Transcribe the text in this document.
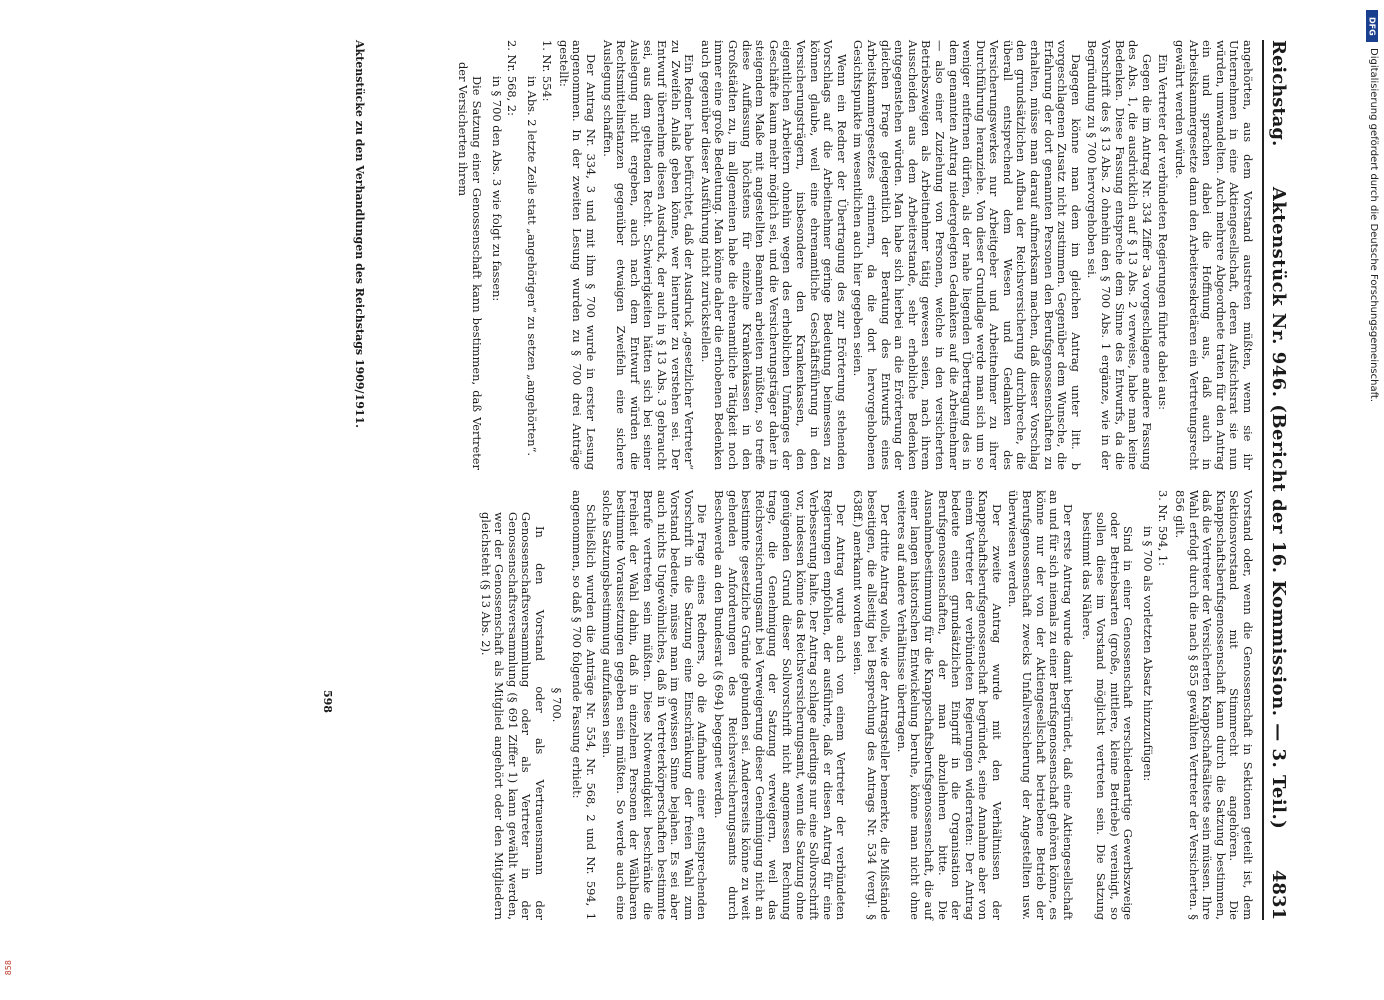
Reichstag.
Aktenstück Nr. 946. (Bericht der 16. Kommission. — 3. Teil.)
4831

angehörten, aus dem Vorstand austreten müßten, wenn sie ihr Unternehmen in eine Aktiengesellschaft, deren Aufsichtsrat sie nun würden, umwandelten. Auch mehrere Abgeordnete traten für den Antrag ein und sprachen dabei die Hoffnung aus, daß auch in Arbeitskammergesetze dann den Arbeitersekretären ein Vertretungsrecht gewährt werden würde.

Ein Vertreter der verbündeten Regierungen führte dabei aus:

Gegen die im Antrag Nr. 334 Ziffer 3a vorgeschlagene andere Fassung des Abs. 1, die ausdrücklich auf § 13 Abs. 2 verweise, habe man keine Bedenken. Diese Fassung entspreche dem Sinne des Entwurfs, da die Vorschrift des § 13 Abs. 2 ohnehin den § 700 Abs. 1 ergänze, wie in der Begründung zu § 700 hervorgehoben sei.

Dagegen könne man dem im gleichen Antrag unter litt. b vorgeschlagenen Zusatz nicht zustimmen. Gegenüber dem Wunsche, die Erfahrung der dort genannten Personen den Berufsgenossenschaften zu erhalten, müsse man darauf aufmerksam machen, daß dieser Vorschlag den grundsätzlichen Aufbau der Reichsversicherung durchbreche, die überall entsprechend dem Wesen und Gedanken des Versicherungswerkes nur Arbeitgeber und Arbeitnehmer zu ihrer Durchführung heranziehe. Von dieser Grundlage werde man sich um so weniger entfernen dürfen, als der nahe liegenden Übertragung des in dem genannten Antrag niedergelegten Gedankens auf die Arbeitnehmer — also einer Zuziehung von Personen, welche in den versicherten Betriebszweigen als Arbeitnehmer tätig gewesen seien, nach ihrem Ausscheiden aus dem Arbeiterstande, sehr erhebliche Bedenken entgegenstehen würden. Man habe sich hierbei an die Erörterung der gleichen Frage gelegentlich der Beratung des Entwurfs eines Arbeitskammergesetzes erinnern, da die dort hervorgehobenen Gesichtspunkte im wesentlichen auch hier gegeben seien.

Wenn ein Redner der Übertragung des zur Erörterung stehenden Vorschlags auf die Arbeitnehmer geringe Bedeutung beimessen zu können glaube, weil eine ehrenamtliche Geschäftsführung in den Versicherungsträgern, insbesondere den Krankenkassen, den eigentlichen Arbeitern ohnehin wegen des erheblichen Umfanges der Geschäfte kaum mehr möglich sei, und die Versicherungsträger daher in steigendem Maße mit angestellten Beamten arbeiten müßten, so treffe diese Auffassung höchstens für einzelne Krankenkassen in den Großstädten zu, im allgemeinen habe die ehrenamtliche Tätigkeit noch immer eine große Bedeutung. Man könne daher die erhobenen Bedenken auch gegenüber dieser Ausführung nicht zurückstellen.

Ein Redner habe befürchtet, daß der Ausdruck „gesetzlicher Vertreter“ zu Zweifeln Anlaß geben könne, wer hierunter zu verstehen sei. Der Entwurf übernehme diesen Ausdruck, der auch in § 13 Abs. 3 gebraucht sei, aus dem geltenden Recht. Schwierigkeiten hätten sich bei seiner Auslegung nicht ergeben, auch nach dem Entwurf würden die Rechtsmittelinstanzen gegenüber etwaigen Zweifeln eine sichere Auslegung schaffen.

Der Antrag Nr. 334, 3 und mit ihm § 700 wurde in erster Lesung angenommen. In der zweiten Lesung wurden zu § 700 drei Anträge gestellt:

1. Nr. 554:

in Abs. 2 letzte Zeile statt „angehörigen“ zu setzen „angehörten“.

2. Nr. 568, 2:

in § 700 den Abs. 3 wie folgt zu fassen:

Die Satzung einer Genossenschaft kann bestimmen, daß Vertreter der Versicherten ihrem

Vorstand oder, wenn die Genossenschaft in Sektionen geteilt ist, dem Sektionsvorstand mit Stimmrecht angehören. Die Knappschaftsberufsgenossenschaft kann durch die Satzung bestimmen, daß die Vertreter der Versicherten Knappschaftsälteste sein müssen. Ihre Wahl erfolgt durch die nach § 855 gewählten Vertreter der Versicherten. § 856 gilt.

3. Nr. 594, 1:

in § 700 als vorletzten Absatz hinzuzufügen:

Sind in einer Genossenschaft verschiedenartige Gewerbszweige oder Betriebsarten (große, mittlere, kleine Betriebe) vereinigt, so sollen diese im Vorstand möglichst vertreten sein. Die Satzung bestimmt das Nähere.

Der erste Antrag wurde damit begründet, daß eine Aktiengesellschaft an und für sich niemals zu einer Berufsgenossenschaft gehören könne, es könne nur der von der Aktiengesellschaft betriebene Betrieb der Berufsgenossenschaft zwecks Unfallversicherung der Angestellten usw. überwiesen werden.

Der zweite Antrag wurde mit den Verhältnissen der Knappschaftsberufsgenossenschaft begründet, seine Annahme aber von einem Vertreter der verbündeten Regierungen widerraten: Der Antrag bedeute einen grundsätzlichen Eingriff in die Organisation der Berufsgenossenschaften, der man abzulehnen bitte. Die Ausnahmebestimmung für die Knappschaftsberufsgenossenschaft, die auf einer langen historischen Entwickelung beruhe, könne man nicht ohne weiteres auf andere Verhältnisse übertragen.

Der dritte Antrag wolle, wie der Antragsteller bemerkte, die Mißstände beseitigen, die allseitig bei Besprechung des Antrags Nr. 534 (vergl. § 638ff.) anerkannt worden seien.

Der Antrag wurde auch von einem Vertreter der verbündeten Regierungen empfohlen, der ausführte, daß er diesen Antrag für eine Verbesserung halte. Der Antrag schlage allerdings nur eine Sollvorschrift vor, indessen könne das Reichsversicherungsamt, wenn die Satzung ohne genügenden Grund dieser Sollvorschrift nicht angemessen Rechnung trage, die Genehmigung der Satzung verweigern, weil das Reichsversicherungsamt bei Verweigerung dieser Genehmigung nicht an bestimmte gesetzliche Gründe gebunden sei. Andererseits könne zu weit gehenden Anforderungen des Reichsversicherungsamts durch Beschwerde an den Bundesrat (§ 694) begegnet werden.

Die Frage eines Redners, ob die Aufnahme einer entsprechenden Vorschrift in die Satzung eine Einschränkung der freien Wahl zum Vorstand bedeute, müsse man im gewissen Sinne bejahen. Es sei aber auch nichts Ungewöhnliches, daß in Vertreterkörperschaften bestimmte Berufe vertreten sein müßten. Diese Notwendigkeit beschränke die Freiheit der Wahl dahin, daß in einzelnen Personen der Wählbaren bestimmte Voraussetzungen gegeben sein müßten. So werde auch eine solche Satzungsbestimmung aufzufassen sein.

Schließlich wurden die Anträge Nr. 554, Nr. 568, 2 und Nr. 594, 1 angenommen, so daß § 700 folgende Fassung erhielt:

§ 700.

In den Vorstand oder als Vertrauensmann der Genossenschaftsversammlung oder als Vertreter in der Genossenschaftsversammlung (§ 691 Ziffer 1) kann gewählt werden, wer der Genossenschaft als Mitglied angehört oder den Mitgliedern gleichsteht (§ 13 Abs. 2).

Aktenstücke zu den Verhandlungen des Reichstags 1909/1911.
598
DFG
Digitalisierung gefördert durch die Deutsche Forschungsgemeinschaft.
858
